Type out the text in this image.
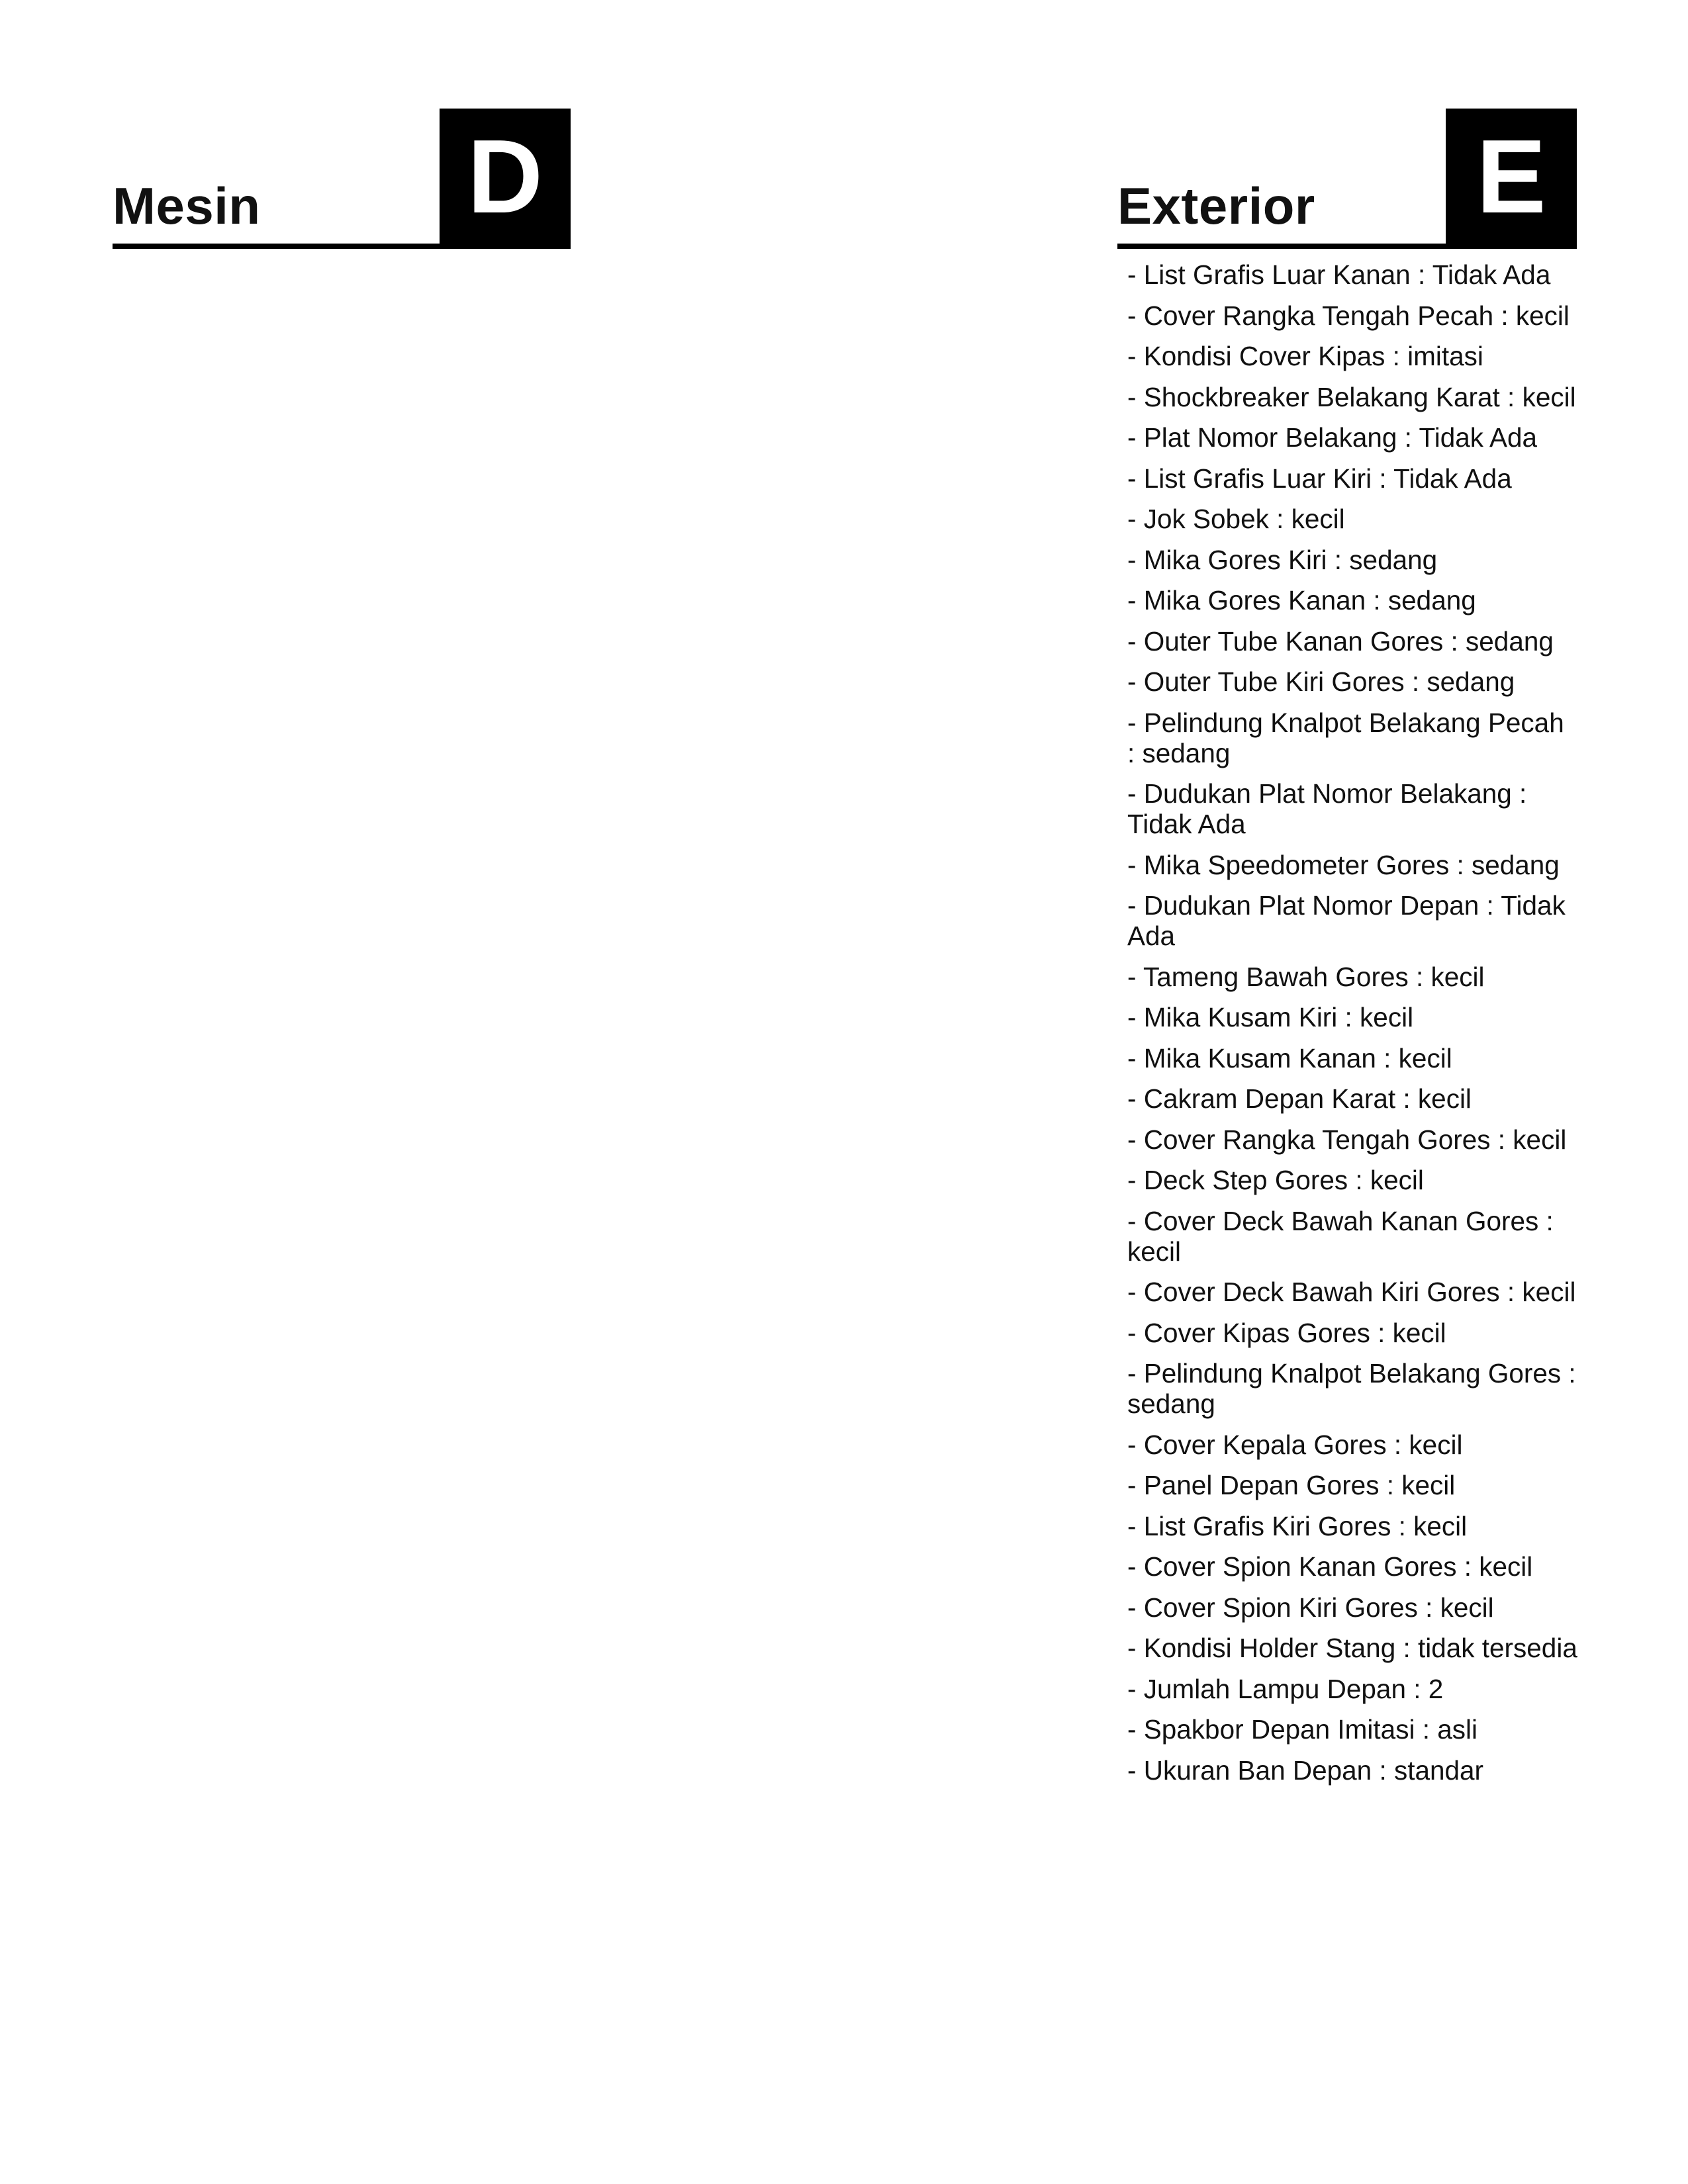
Mesin D	Exterior E
- List Grafis Luar Kanan : Tidak Ada
- Cover Rangka Tengah Pecah : kecil
- Kondisi Cover Kipas : imitasi
- Shockbreaker Belakang Karat : kecil
- Plat Nomor Belakang : Tidak Ada
- List Grafis Luar Kiri : Tidak Ada
- Jok Sobek : kecil
- Mika Gores Kiri : sedang
- Mika Gores Kanan : sedang
- Outer Tube Kanan Gores : sedang
- Outer Tube Kiri Gores : sedang
- Pelindung Knalpot Belakang Pecah : sedang
- Dudukan Plat Nomor Belakang : Tidak Ada
- Mika Speedometer Gores : sedang
- Dudukan Plat Nomor Depan : Tidak Ada
- Tameng Bawah Gores : kecil
- Mika Kusam Kiri : kecil
- Mika Kusam Kanan : kecil
- Cakram Depan Karat : kecil
- Cover Rangka Tengah Gores : kecil
- Deck Step Gores : kecil
- Cover Deck Bawah Kanan Gores : kecil
- Cover Deck Bawah Kiri Gores : kecil
- Cover Kipas Gores : kecil
- Pelindung Knalpot Belakang Gores : sedang
- Cover Kepala Gores : kecil
- Panel Depan Gores : kecil
- List Grafis Kiri Gores : kecil
- Cover Spion Kanan Gores : kecil
- Cover Spion Kiri Gores : kecil
- Kondisi Holder Stang : tidak tersedia
- Jumlah Lampu Depan : 2
- Spakbor Depan Imitasi : asli
- Ukuran Ban Depan : standar
